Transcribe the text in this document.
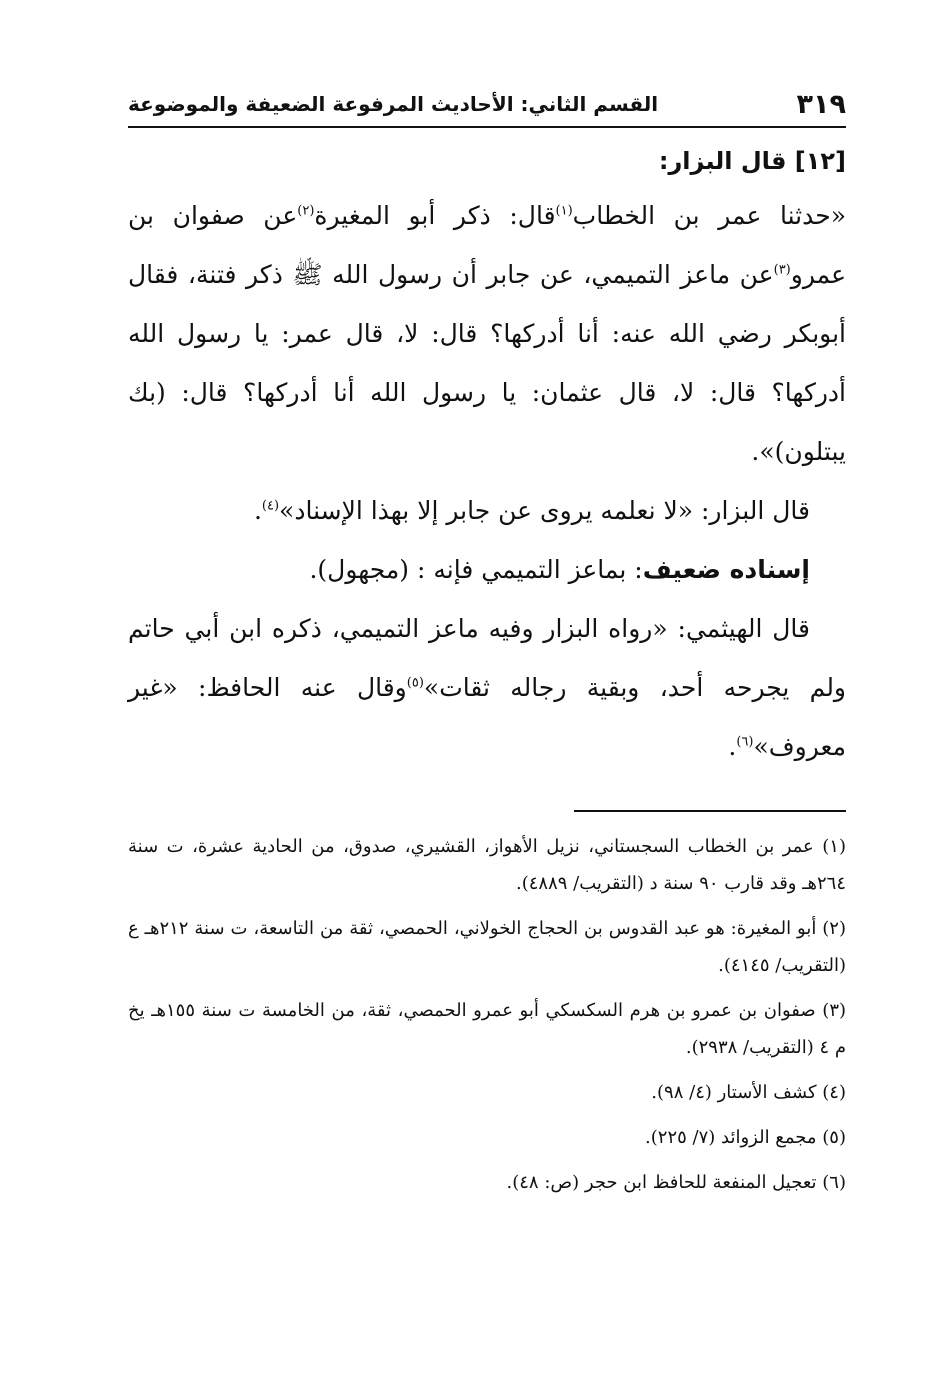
٣١٩
القسم الثاني: الأحاديث المرفوعة الضعيفة والموضوعة

[١٢] قال البزار:

«حدثنا عمر بن الخطاب$^{(١)}$قال: ذكر أبو المغيرة$^{(٢)}$عن صفوان بن عمرو$^{(٣)}$عن ماعز التميمي، عن جابر أن رسول الله ﷺ ذكر فتنة، فقال أبوبكر رضي الله عنه: أنا أدركها؟ قال: لا، قال عمر: يا رسول الله أدركها؟ قال: لا، قال عثمان: يا رسول الله أنا أدركها؟ قال: (بك يبتلون)».

قال البزار: «لا نعلمه يروى عن جابر إلا بهذا الإسناد»$^{(٤)}$.

إسناده ضعيف: بماعز التميمي فإنه : (مجهول).

قال الهيثمي: «رواه البزار وفيه ماعز التميمي، ذكره ابن أبي حاتم ولم يجرحه أحد، وبقية رجاله ثقات»$^{(٥)}$وقال عنه الحافظ: «غير معروف»$^{(٦)}$.

(١) عمر بن الخطاب السجستاني، نزيل الأهواز، القشيري، صدوق، من الحادية عشرة، ت سنة ٢٦٤هـ وقد قارب ٩٠ سنة د (التقريب/ ٤٨٨٩).

(٢) أبو المغيرة: هو عبد القدوس بن الحجاج الخولاني، الحمصي، ثقة من التاسعة، ت سنة ٢١٢هـ ع (التقريب/ ٤١٤٥).

(٣) صفوان بن عمرو بن هرم السكسكي أبو عمرو الحمصي، ثقة، من الخامسة ت سنة ١٥٥هـ يخ م ٤ (التقريب/ ٢٩٣٨).

(٤) كشف الأستار (٤/ ٩٨).

(٥) مجمع الزوائد (٧/ ٢٢٥).

(٦) تعجيل المنفعة للحافظ ابن حجر (ص: ٤٨).
